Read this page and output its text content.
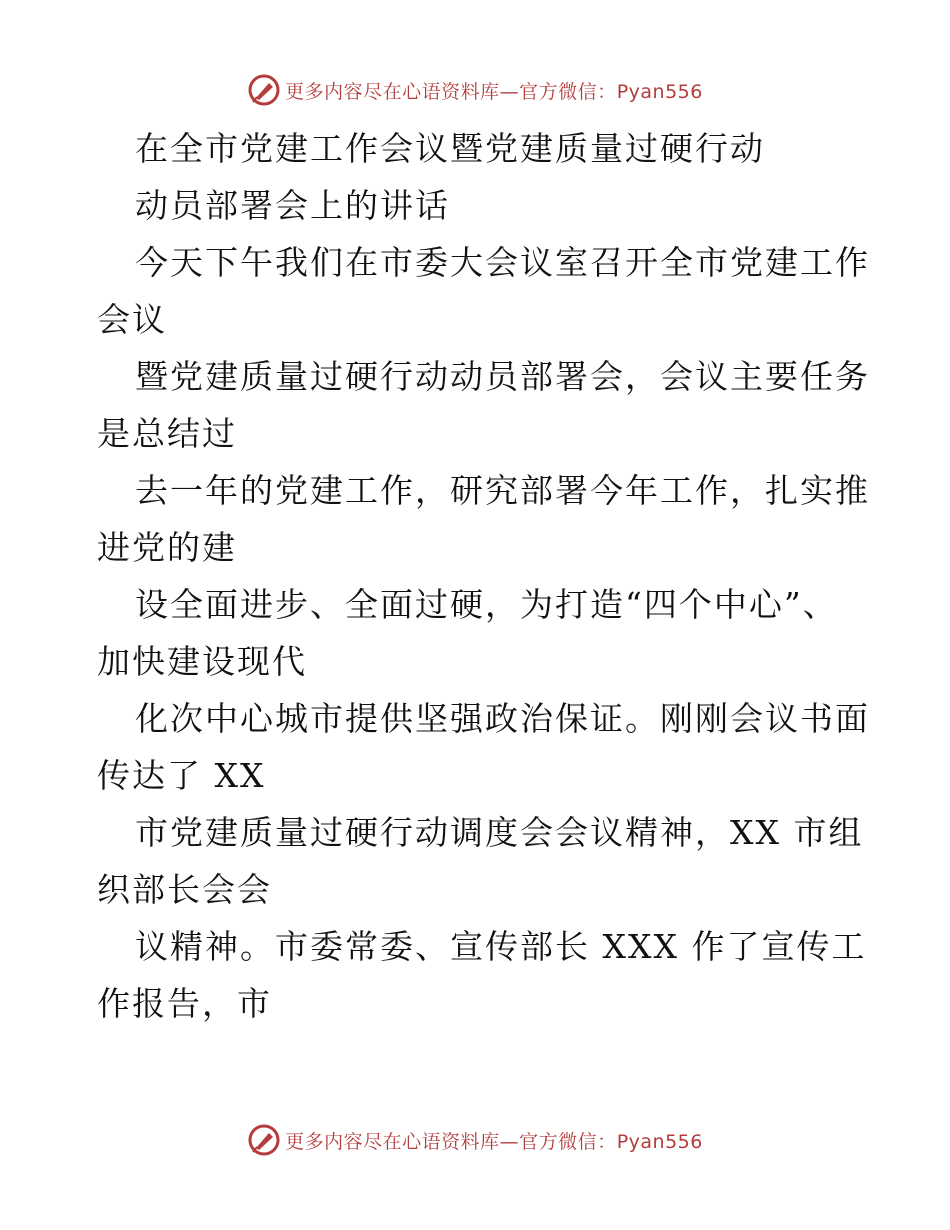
更多内容尽在心语资料库—官方微信：Pyan556
在全市党建工作会议暨党建质量过硬行动
动员部署会上的讲话
今天下午我们在市委大会议室召开全市党建工作
会议
暨党建质量过硬行动动员部署会，会议主要任务
是总结过
去一年的党建工作，研究部署今年工作，扎实推
进党的建
设全面进步、全面过硬，为打造“四个中心”、
加快建设现代
化次中心城市提供坚强政治保证。刚刚会议书面
传达了 XX
市党建质量过硬行动调度会会议精神，XX 市组
织部长会会
议精神。市委常委、宣传部长 XXX 作了宣传工
作报告，市
更多内容尽在心语资料库—官方微信：Pyan556
